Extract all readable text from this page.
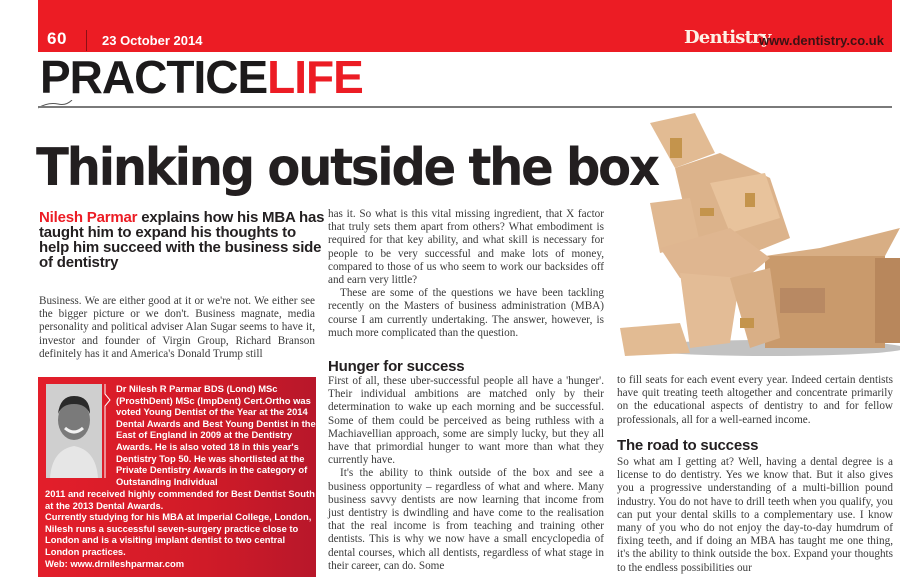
60	23 October 2014	Dentistry
www.dentistry.co.uk
PRACTICELIFE
Thinking outside the box
Nilesh Parmar explains how his MBA has taught him to expand his thoughts to help him succeed with the business side of dentistry

Business. We are either good at it or we're not. We either see the bigger picture or we don't. Business magnate, media personality and political adviser Alan Sugar seems to have it, investor and founder of Virgin Group, Richard Branson definitely has it and America's Donald Trump still

Dr Nilesh R Parmar BDS (Lond) MSc (ProsthDent) MSc (ImpDent) Cert.Ortho was voted Young Dentist of the Year at the 2014 Dental Awards and Best Young Dentist in the East of England in 2009 at the Dentistry Awards. He is also voted 18 in this year's Dentistry Top 50. He was shortlisted at the Private Dentistry Awards in the category of Outstanding Individual

2011 and received highly commended for Best Dentist South at the 2013 Dental Awards.

Currently studying for his MBA at Imperial College, London, Nilesh runs a successful seven-surgery practice close to London and is a visiting implant dentist to two central London practices.

Web: www.drnileshparmar.com

has it. So what is this vital missing ingredient, that X factor that truly sets them apart from others? What embodiment is required for that key ability, and what skill is necessary for people to be very successful and make lots of money, compared to those of us who seem to work our backsides off and earn very little?

These are some of the questions we have been tackling recently on the Masters of business administration (MBA) course I am currently undertaking. The answer, however, is much more complicated than the question.

Hunger for success

First of all, these uber-successful people all have a 'hunger'. Their individual ambitions are matched only by their determination to wake up each morning and be successful. Some of them could be perceived as being ruthless with a Machiavellian approach, some are simply lucky, but they all have that primordial hunger to want more than what they currently have.

It's the ability to think outside of the box and see a business opportunity – regardless of what and where. Many business savvy dentists are now learning that income from just dentistry is dwindling and have come to the realisation that the real income is from teaching and training other dentists. This is why we now have a small encyclopedia of dental courses, which all dentists, regardless of what stage in their career, can do. Some

to fill seats for each event every year. Indeed certain dentists have quit treating teeth altogether and concentrate primarily on the educational aspects of dentistry to and for fellow professionals, all for a well-earned income.

The road to success

So what am I getting at? Well, having a dental degree is a license to do dentistry. Yes we know that. But it also gives you a progressive understanding of a multi-billion pound industry. You do not have to drill teeth when you qualify, you can put your dental skills to a complementary use. I know many of you who do not enjoy the day-to-day humdrum of fixing teeth, and if doing an MBA has taught me one thing, it's the ability to think outside the box. Expand your thoughts to the endless possibilities our
